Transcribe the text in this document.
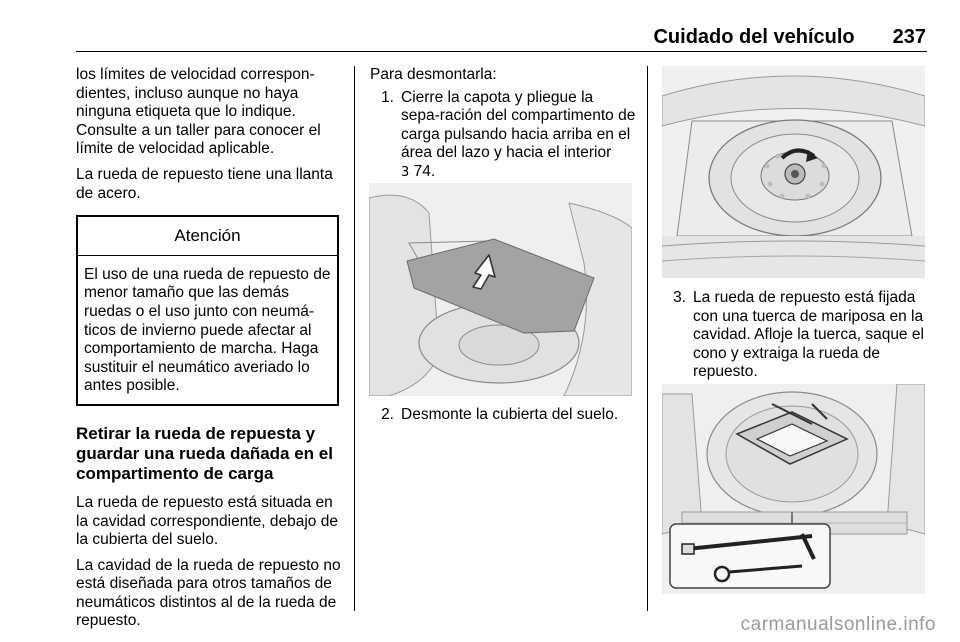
Cuidado del vehículo 237

los límites de velocidad correspon-dientes, incluso aunque no haya ninguna etiqueta que lo indique. Consulte a un taller para conocer el límite de velocidad aplicable.

La rueda de repuesto tiene una llanta de acero.

Atención
El uso de una rueda de repuesto de menor tamaño que las demás ruedas o el uso junto con neumá-ticos de invierno puede afectar al comportamiento de marcha. Haga sustituir el neumático averiado lo antes posible.
Retirar la rueda de repuesta y guardar una rueda dañada en el compartimento de carga

La rueda de repuesto está situada en la cavidad correspondiente, debajo de la cubierta del suelo.

La cavidad de la rueda de repuesto no está diseñada para otros tamaños de neumáticos distintos al de la rueda de repuesto.

Para desmontarla:

1. Cierre la capota y pliegue la sepa-ración del compartimento de carga pulsando hacia arriba en el área del lazo y hacia el interior
3 74.
2. Desmonte la cubierta del suelo.
3. La rueda de repuesto está fijada con una tuerca de mariposa en la cavidad. Afloje la tuerca, saque el cono y extraiga la rueda de repuesto.
carmanualsonline.info
